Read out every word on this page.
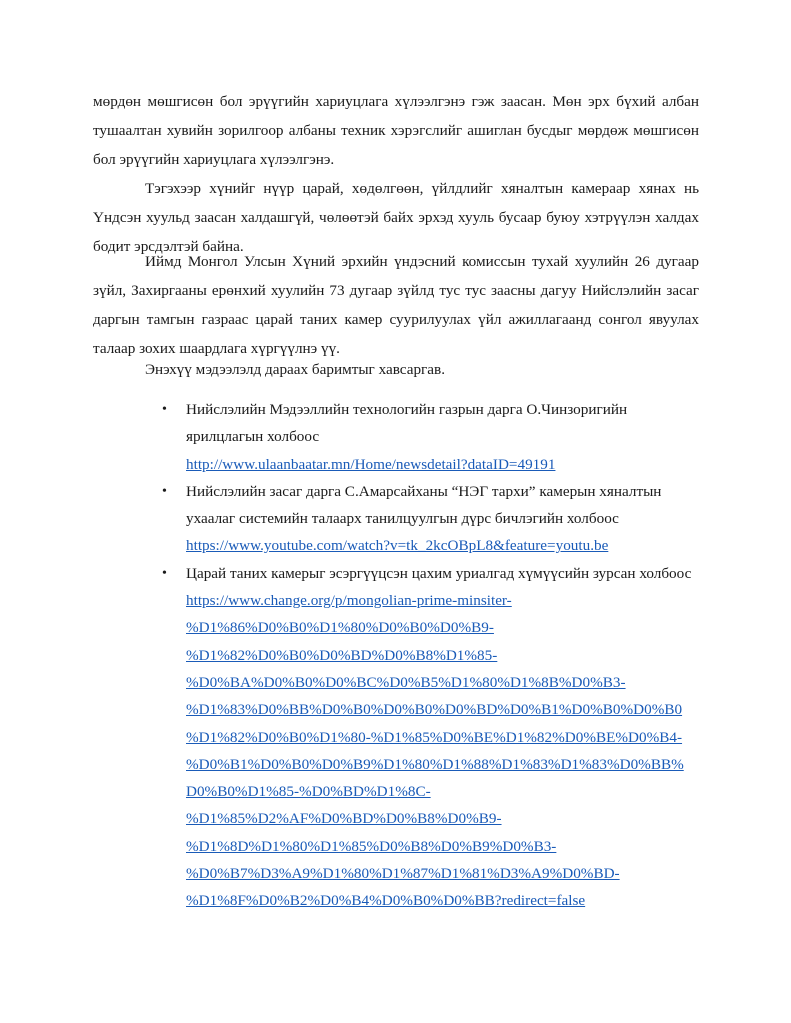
мөрдөн мөшгисөн бол эрүүгийн хариуцлага хүлээлгэнэ гэж заасан. Мөн эрх бүхий албан тушаалтан хувийн зорилгоор албаны техник хэрэгслийг ашиглан бусдыг мөрдөж мөшгисөн бол эрүүгийн хариуцлага хүлээлгэнэ.

Тэгэхээр хүнийг нүүр царай, хөдөлгөөн, үйлдлийг хяналтын камераар хянах нь Үндсэн хуульд заасан халдашгүй, чөлөөтэй байх эрхэд хууль бусаар буюу хэтрүүлэн халдах бодит эрсдэлтэй байна.

Иймд Монгол Улсын Хүний эрхийн үндэсний комиссын тухай хуулийн 26 дугаар зүйл, Захиргааны ерөнхий хуулийн 73 дугаар зүйлд тус тус заасны дагуу Нийслэлийн засаг даргын тамгын газраас царай таних камер суурилуулах үйл ажиллагаанд сонгол явуулах талаар зохих шаардлага хүргүүлнэ үү.

Энэхүү мэдээлэлд дараах баримтыг хавсаргав.

• Нийслэлийн Мэдээллийн технологийн газрын дарга О.Чинзоригийн ярилцлагын холбоос
http://www.ulaanbaatar.mn/Home/newsdetail?dataID=49191
• Нийслэлийн засаг дарга С.Амарсайханы “НЭГ тархи” камерын хяналтын ухаалаг системийн талаарх танилцуулгын дүрс бичлэгийн холбоос
https://www.youtube.com/watch?v=tk_2kcOBpL8&feature=youtu.be
• Царай таних камерыг эсэргүүцсэн цахим уриалгад хүмүүсийн зурсан холбоос https://www.change.org/p/mongolian-prime-minsiter-
%D1%86%D0%B0%D1%80%D0%B0%D0%B9-
%D1%82%D0%B0%D0%BD%D0%B8%D1%85-
%D0%BA%D0%B0%D0%BC%D0%B5%D1%80%D1%8B%D0%B3-
%D1%83%D0%BB%D0%B0%D0%B0%D0%BD%D0%B1%D0%B0%D0%B0
%D1%82%D0%B0%D1%80-%D1%85%D0%BE%D1%82%D0%BE%D0%B4-
%D0%B1%D0%B0%D0%B9%D1%80%D1%88%D1%83%D1%83%D0%BB%
D0%B0%D1%85-%D0%BD%D1%8C-
%D1%85%D2%AF%D0%BD%D0%B8%D0%B9-
%D1%8D%D1%80%D1%85%D0%B8%D0%B9%D0%B3-
%D0%B7%D3%A9%D1%80%D1%87%D1%81%D3%A9%D0%BD-
%D1%8F%D0%B2%D0%B4%D0%B0%D0%BB?redirect=false
